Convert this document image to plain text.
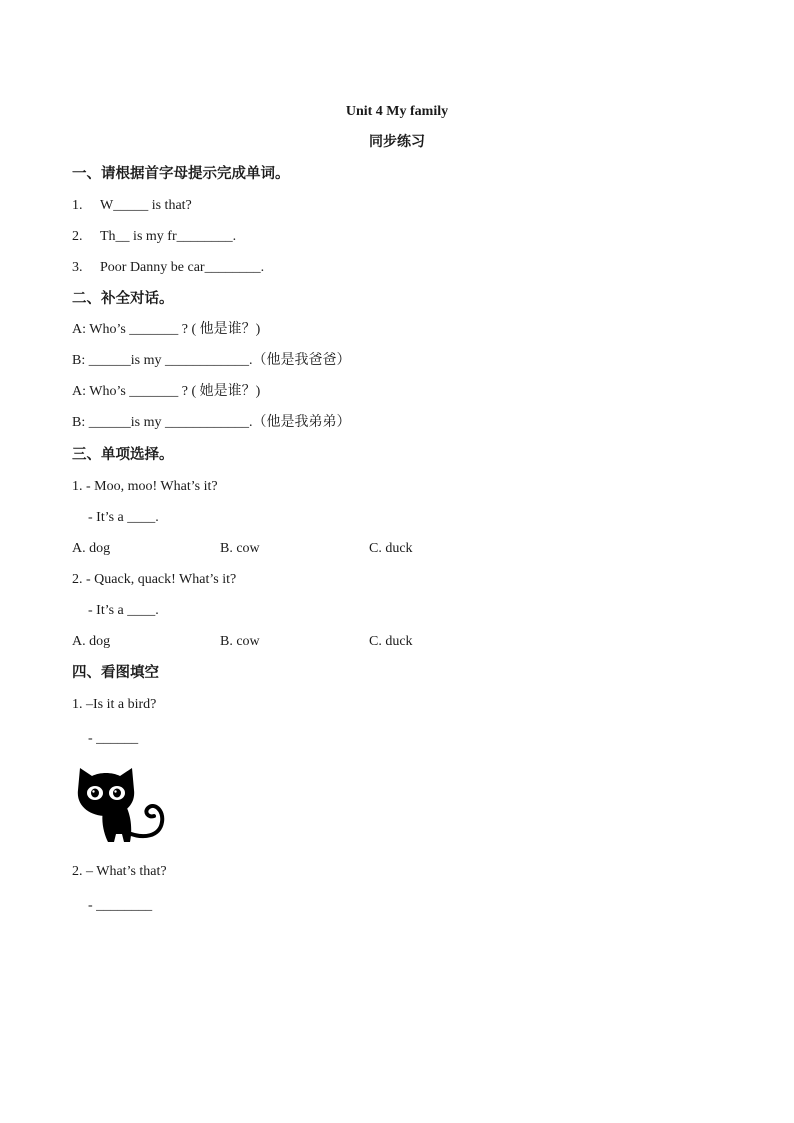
Unit 4 My family
同步练习
一、请根据首字母提示完成单词。
1. W_____ is that?
2. Th__ is my fr________.
3. Poor Danny be car________.
二、补全对话。
A: Who’s _______ ? ( 他是谁？)
B: ______is my ____________.（他是我爸爸）
A: Who’s _______ ? ( 她是谁？)
B: ______is my ____________.（他是我弟弟）
三、单项选择。
1. - Moo, moo! What’s it?
- It’s a ____.
A. dog	B. cow	C. duck
2. - Quack, quack! What’s it?
- It’s a ____.
A. dog	B. cow	C. duck
四、看图填空
1. –Is it a bird?
- ______
2. – What’s that?
- ________
